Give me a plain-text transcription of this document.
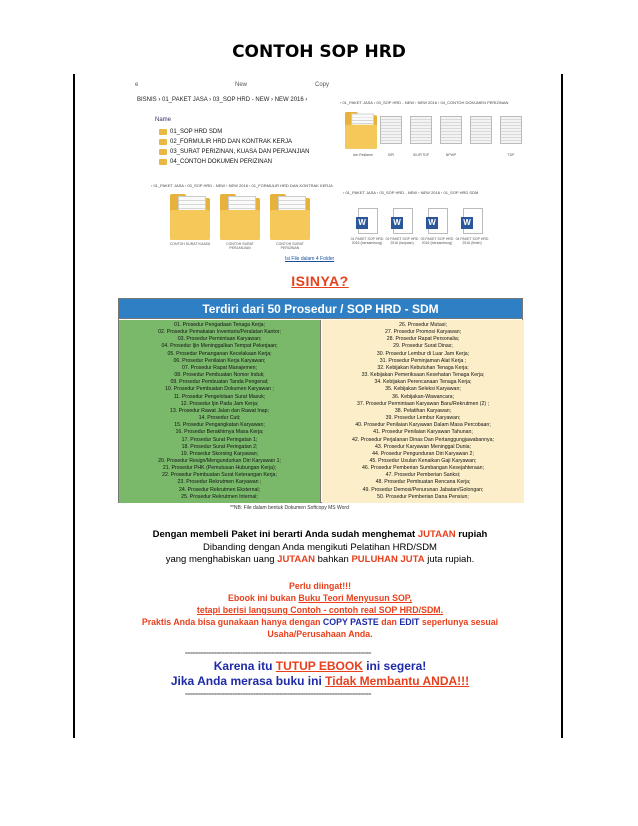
CONTOH SOP HRD
e	New	Copy
BISNIS › 01_PAKET JASA › 03_SOP HRD - NEW › NEW 2016 ›	› 01_PAKET JASA › 03_SOP HRD - NEW › NEW 2016 › 04_CONTOH DOKUMEN PERIZINAN
Name
01_SOP HRD SDM
02_FORMULIR HRD DAN KONTRAK KERJA
03_SURAT PERIZINAN, KUASA DAN PERJANJIAN
04_CONTOH DOKUMEN PERIZINAN
Izin Reklame	SIPI	SIUP/TDP	NPWP	TDP
› 01_PAKET JASA › 03_SOP HRD - NEW › NEW 2016 › 01_FORMULIR HRD DAN KONTRAK KERJA
CONTOH SURAT KUASA	CONTOH SURAT PERJANJIAN
CONTOH SURAT PERIZINAN
› 01_PAKET JASA › 03_SOP HRD - NEW › NEW 2016 › 01_SOP HRD SDM
W	W	W	W
01 PAKET SOP HRD 2016 (bersambung)
02 PAKET SOP HRD 2016 (lanjutan)
03 PAKET SOP HRD 2016 (bersambung)
04 PAKET SOP HRD 2016 (finish)
Isi File dalam 4 Folder
ISINYA?
Terdiri dari 50 Prosedur / SOP HRD - SDM
01. Prosedur Pengadaan Tenaga Kerja;
02. Prosedur Pemakaian Inventaris/Peralatan Kantor;
03. Prosedur Permintaan Karyawan;
04. Prosedur Ijin Meninggalkan Tempat Pekerjaan;
05. Prosedur Penanganan Kecelakaan Kerja;
06. Prosedur Penilaian Kerja Karyawan;
07. Prosedur Rapat Manajemen;
08. Prosedur Pembuatan Nomor Induk;
09. Prosedur Pembuatan Tanda Pengenal;
10. Prosedur Pembuatan Dokumen Karyawan ;
11. Prosedur Pengelolaan Surat Masuk;
12. Prosedur Ijin Pada Jam Kerja;
13. Prosedur Rawat Jalan dan Rawat Inap;
14. Prosedur Cuti;
15. Prosedur Pengangkatan Karyawan;
16. Prosedur Berakhirnya Masa Kerja;
17. Prosedur Surat Peringatan 1;
18. Prosedur Surat Peringatan 2;
19. Prosedur Skorsing Karyawan;
20. Prosedur Resign/Mengundurkan Diri Karyawan 1;
21. Prosedur PHK (Pemutusan Hubungan Kerja);
22. Prosedur Pembuatan Surat Keterangan Kerja;
23. Prosedur Rekrutmen Karyawan ;
24. Prosedur Rekrutmen Eksternal;
25. Prosedur Rekrutmen Internal;
26. Prosedur Mutasi;
27. Prosedur Promosi Karyawan;
28. Prosedur Rapat Personalia;
29. Prosedur Surat Dinas;
30. Prosedur Lembur di Luar Jam Kerja;
31. Prosedur Peminjaman Alat Kerja ;
32. Kebijakan Kebutuhan Tenaga Kerja;
33. Kebijakan Pemeriksaan Kesehatan Tenaga Kerja;
34. Kebijakan Perencanaan Tenaga Kerja;
35. Kebijakan Seleksi Karyawan;
36. Kebijakan-Wawancara;
37. Prosedur Permintaan Karyawan Baru/Rekrutmen (2) ;
38. Pelatihan Karyawan;
39. Prosedur Lembur Karyawan;
40. Prosedur Penilaian Karyawan Dalam Masa Percobaan;
41. Prosedur Penilaian Karyawan Tahunan;
42. Prosedur Perjalanan Dinas Dan Pertanggungjawabannya;
43. Prosedur Karyawan Meninggal Dunia;
44. Prosedur Pengunduran Diri Karyawan 2;
45. Prosedur Usulan Kenaikan Gaji Karyawan;
46. Prosedur Pemberian Sumbangan Kesejahteraan;
47. Prosedur Pemberian Sanksi;
48. Prosedur Pembuatan Rencana Kerja;
49. Prosedur Demosi/Penurunan Jabatan/Golongan;
50. Prosedur Pemberian Dana Pensiun;
**NB: File dalam bentuk Dokumen Softcopy MS Word
Dengan membeli Paket ini berarti Anda sudah menghemat JUTAAN rupiah
Dibanding dengan Anda mengikuti Pelatihan HRD/SDM
yang menghabiskan uang JUTAAN bahkan PULUHAN JUTA juta rupiah.
Perlu diingat!!!
Ebook ini bukan Buku Teori Menyusun SOP,
tetapi berisi langsung Contoh - contoh real SOP HRD/SDM.
Praktis Anda bisa gunakaan hanya dengan COPY PASTE dan EDIT seperlunya sesuai
Usaha/Perusahaan Anda.
=======================================================================
Karena itu TUTUP EBOOK ini segera!
Jika Anda merasa buku ini Tidak Membantu ANDA!!!
=======================================================================
